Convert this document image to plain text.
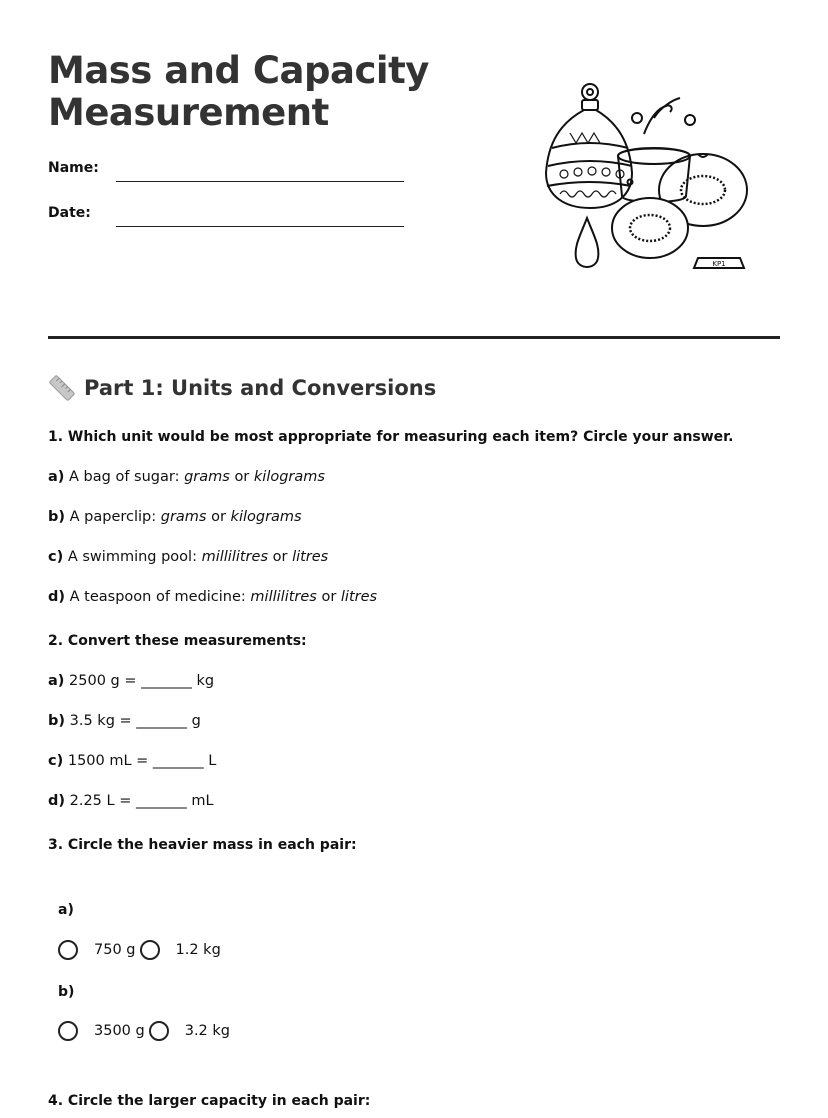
Mass and Capacity
Measurement
Name:
Date:
KP1
Part 1: Units and Conversions
1. Which unit would be most appropriate for measuring each item? Circle your answer.
a) A bag of sugar: grams or kilograms
b) A paperclip: grams or kilograms
c) A swimming pool: millilitres or litres
d) A teaspoon of medicine: millilitres or litres
2. Convert these measurements:
a) 2500 g = _______ kg
b) 3.5 kg = _______ g
c) 1500 mL = _______ L
d) 2.25 L = _______ mL
3. Circle the heavier mass in each pair:
a)
750 g	1.2 kg
b)
3500 g	3.2 kg
4. Circle the larger capacity in each pair:
